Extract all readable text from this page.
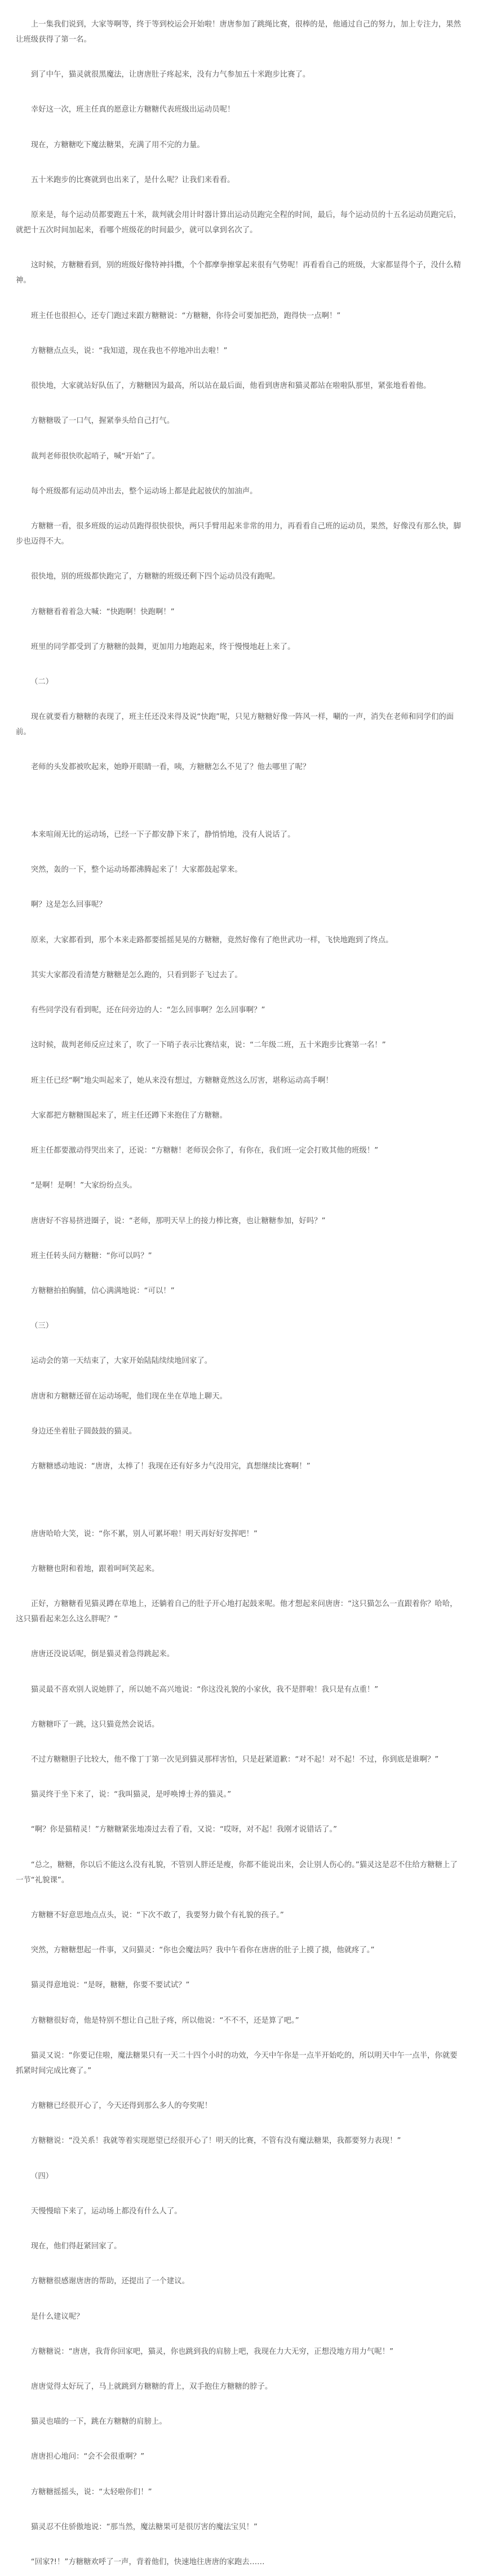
上一集我们说到，大家等啊等，终于等到校运会开始啦！唐唐参加了跳绳比赛，很棒的是，他通过自己的努力，加上专注力，果然让班级获得了第一名。

到了中午，猫灵就很黑魔法，让唐唐肚子疼起来，没有力气参加五十米跑步比赛了。

幸好这一次，班主任真的愿意让方糖糖代表班级出运动员呢！

现在，方糖糖吃下魔法糖果，充满了用不完的力量。

五十米跑步的比赛就到也出来了，是什么呢？让我们来看看。

原来是，每个运动员都要跑五十米，裁判就会用计时器计算出运动员跑完全程的时间，最后，每个运动员的十五名运动员跑完后，就把十五次时间加起来，看哪个班级花的时间最少，就可以拿到名次了。

这时候，方糖糖看到，别的班级好像特神抖擞，个个都摩拳擦掌起来很有气势呢！再看看自己的班级，大家都显得个子，没什么精神。

班主任也很担心，还专门跑过来跟方糖糖说：“方糖糖，你待会可要加把劲，跑得快一点啊！”

方糖糖点点头，说：“我知道，现在我也不停地冲出去啦！”

很快地，大家就站好队伍了，方糖糖因为最高，所以站在最后面，他看到唐唐和猫灵都站在啦啦队那里，紧张地看着他。

方糖糖吸了一口气，握紧拳头给自己打气。

裁判老师很快吹起哨子，喊“开始”了。

每个班级都有运动员冲出去，整个运动场上都是此起彼伏的加油声。

方糖糖一看，很多班级的运动员跑得很快很快，两只手臂用起来非常的用力，再看看自己班的运动员，果然，好像没有那么快，脚步也迈得不大。

很快地，别的班级都快跑完了，方糖糖的班级还剩下四个运动员没有跑呢。

方糖糖看着着急大喊：“快跑啊！快跑啊！”

班里的同学都受到了方糖糖的鼓舞，更加用力地跑起来，终于慢慢地赶上来了。

（二）

现在就要看方糖糖的表现了，班主任还没来得及说“快跑”呢，只见方糖糖好像一阵风一样，唰的一声，消失在老师和同学们的面前。

老师的头发都被吹起来，她睁开眼睛一看，咦，方糖糖怎么不见了？他去哪里了呢？

本来喧闹无比的运动场，已经一下子都安静下来了，静悄悄地，没有人说话了。

突然，轰的一下，整个运动场都沸腾起来了！大家都鼓起掌来。

啊？这是怎么回事呢？

原来，大家都看到，那个本来走路都要摇摇晃晃的方糖糖，竟然好像有了绝世武功一样，飞快地跑到了终点。

其实大家都没看清楚方糖糖是怎么跑的，只看到影子飞过去了。

有些同学没有看到呢，还在问旁边的人：“怎么回事啊？怎么回事啊？”

这时候，裁判老师反应过来了，吹了一下哨子表示比赛结束，说：“二年级二班，五十米跑步比赛第一名！”

班主任已经“啊”地尖叫起来了，她从来没有想过，方糖糖竟然这么厉害，堪称运动高手啊！

大家都把方糖糖围起来了，班主任还蹲下来抱住了方糖糖。

班主任都要激动得哭出来了，还说：“方糖糖！老师误会你了，有你在，我们班一定会打败其他的班级！”

“是啊！是啊！”大家纷纷点头。

唐唐好不容易挤进圈子，说：“老师，那明天早上的接力棒比赛，也让糖糖参加，好吗？”

班主任转头问方糖糖：“你可以吗？”

方糖糖拍拍胸脯，信心满满地说：“可以！”

（三）

运动会的第一天结束了，大家开始陆陆续续地回家了。

唐唐和方糖糖还留在运动场呢，他们现在坐在草地上聊天。

身边还坐着肚子圆鼓鼓的猫灵。

方糖糖感动地说：“唐唐，太棒了！我现在还有好多力气没用完，真想继续比赛啊！”

唐唐哈哈大笑，说：“你不累，别人可累坏啦！明天再好好发挥吧！”

方糖糖也附和着地，跟着呵呵笑起来。

正好，方糖糖看见猫灵蹲在草地上，还躺着自己的肚子开心地打起鼓来呢。他才想起来问唐唐：“这只猫怎么一直跟着你？哈哈，这只猫看起来怎么这么胖呢？”

唐唐还没说话呢，倒是猫灵着急得跳起来。

猫灵最不喜欢别人说她胖了，所以她不高兴地说：“你这没礼貌的小家伙，我不是胖啦！我只是有点重！”

方糖糖吓了一跳，这只猫竟然会说话。

不过方糖糖胆子比较大，他不像丁丁第一次见到猫灵那样害怕，只是赶紧道歉：“对不起！对不起！不过，你到底是谁啊？”

猫灵终于坐下来了，说：“我叫猫灵，是呼唤博士养的猫灵。”

“啊？你是猫精灵！”方糖糖紧张地凑过去看了看，又说：“哎呀，对不起！我刚才说错话了。”

“总之，糖糖，你以后不能这么没有礼貌，不管别人胖还是瘦，你都不能说出来，会让别人伤心的。”猫灵这是忍不住给方糖糖上了一节“礼貌课”。

方糖糖不好意思地点点头，说：“下次不敢了，我要努力做个有礼貌的孩子。”

突然，方糖糖想起一件事，又问猫灵：“你也会魔法吗？我中午看你在唐唐的肚子上摸了摸，他就疼了。”

猫灵得意地说：“是呀，糖糖，你要不要试试？”

方糖糖很好奇，他是特别不想让自己肚子疼，所以他说：“不不不，还是算了吧。”

猫灵又说：“你要记住啦，魔法糖果只有一天二十四个小时的功效，今天中午你是一点半开始吃的，所以明天中午一点半，你就要抓紧时间完成比赛了。”

方糖糖已经很开心了，今天还得到那么多人的夸奖呢！

方糖糖说：“没关系！我就等着实现愿望已经很开心了！明天的比赛，不管有没有魔法糖果，我都要努力表现！”

（四）

天慢慢暗下来了，运动场上都没有什么人了。

现在，他们得赶紧回家了。

方糖糖很感谢唐唐的帮助，还提出了一个建议。

是什么建议呢？

方糖糖说：“唐唐，我背你回家吧，猫灵，你也跳到我的肩膀上吧，我现在力大无穷，正想没地方用力气呢！”

唐唐觉得太好玩了，马上就跳到方糖糖的背上，双手抱住方糖糖的脖子。

猫灵也喵的一下，跳在方糖糖的肩膀上。

唐唐担心地问：“会不会很重啊？”

方糖糖摇摇头，说：“太轻啦你们！”

猫灵忍不住骄傲地说：“那当然，魔法糖果可是很厉害的魔法宝贝！”

“回家?!！”方糖糖欢呼了一声，背着他们，快速地往唐唐的家跑去……
